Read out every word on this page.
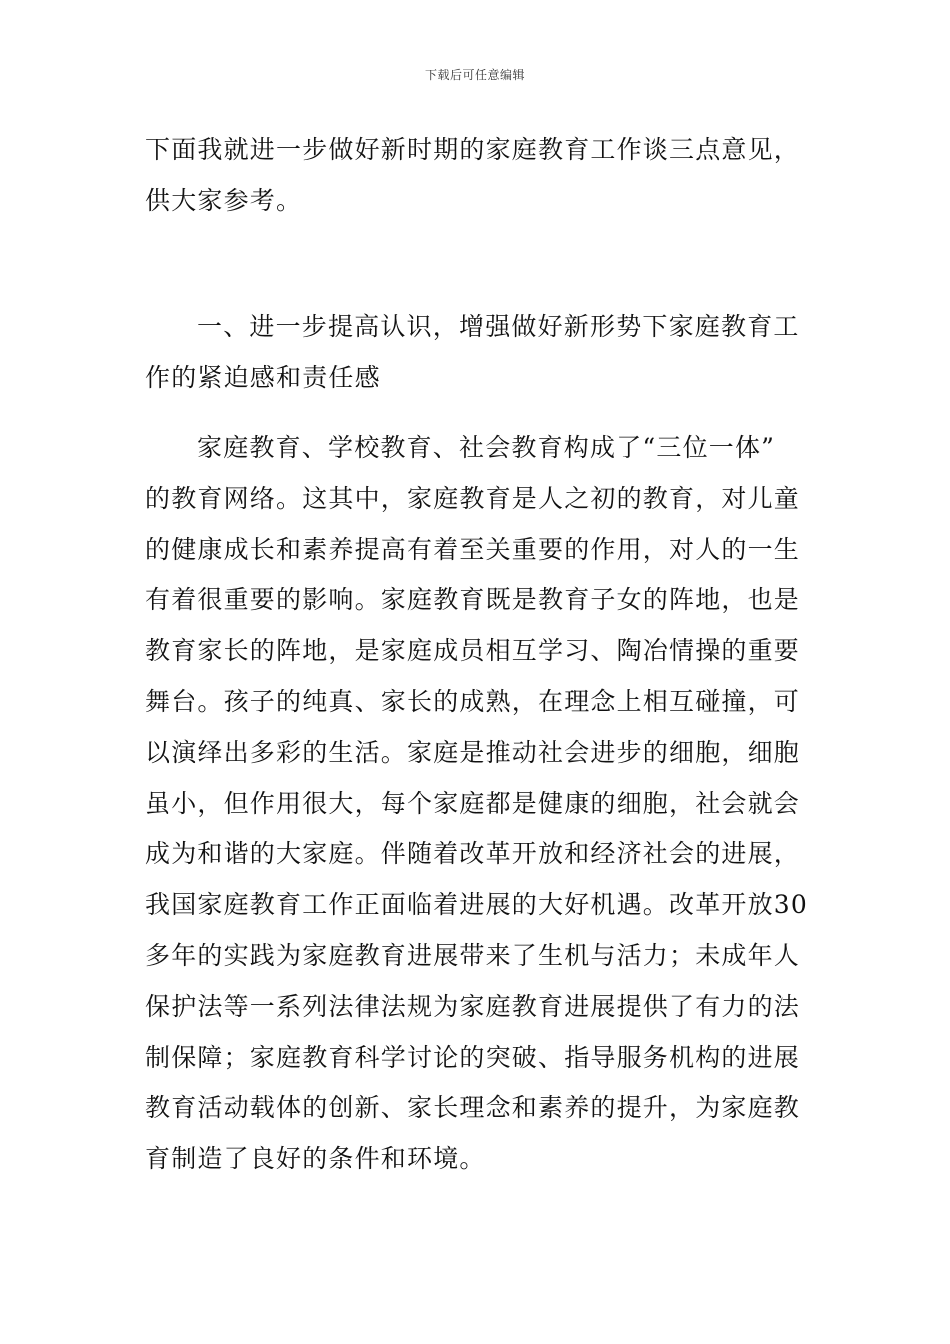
下载后可任意编辑
下面我就进一步做好新时期的家庭教育工作谈三点意见，
供大家参考。
一、进一步提高认识，增强做好新形势下家庭教育工
作的紧迫感和责任感
家庭教育、学校教育、社会教育构成了“三位一体”
的教育网络。这其中，家庭教育是人之初的教育，对儿童
的健康成长和素养提高有着至关重要的作用，对人的一生
有着很重要的影响。家庭教育既是教育子女的阵地，也是
教育家长的阵地，是家庭成员相互学习、陶冶情操的重要
舞台。孩子的纯真、家长的成熟，在理念上相互碰撞，可
以演绎出多彩的生活。家庭是推动社会进步的细胞，细胞
虽小，但作用很大，每个家庭都是健康的细胞，社会就会
成为和谐的大家庭。伴随着改革开放和经济社会的进展，
我国家庭教育工作正面临着进展的大好机遇。改革开放30
多年的实践为家庭教育进展带来了生机与活力；未成年人
保护法等一系列法律法规为家庭教育进展提供了有力的法
制保障；家庭教育科学讨论的突破、指导服务机构的进展
教育活动载体的创新、家长理念和素养的提升，为家庭教
育制造了良好的条件和环境。
